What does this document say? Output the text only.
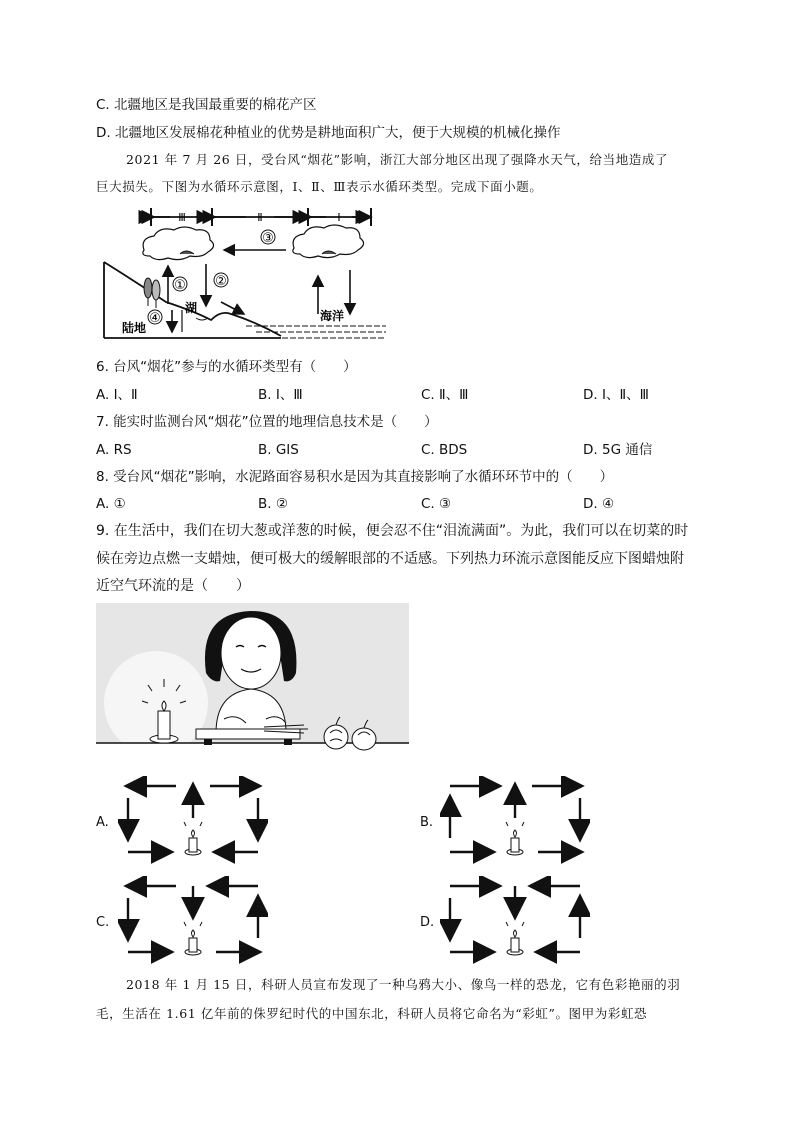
C. 北疆地区是我国最重要的棉花产区
D. 北疆地区发展棉花种植业的优势是耕地面积广大，便于大规模的机械化操作
2021 年 7 月 26 日，受台风“烟花”影响，浙江大部分地区出现了强降水天气，给当地造成了
巨大损失。下图为水循环示意图，Ⅰ、Ⅱ、Ⅲ表示水循环类型。完成下面小题。
Ⅲ	Ⅱ	Ⅰ
③
① ②
湖
④
陆地
海洋
6. 台风“烟花”参与的水循环类型有（　　）
A. Ⅰ、Ⅱ	B. Ⅰ、Ⅲ	C. Ⅱ、Ⅲ	D. Ⅰ、Ⅱ、Ⅲ
7. 能实时监测台风“烟花”位置的地理信息技术是（　　）
A. RS	B. GIS	C. BDS	D. 5G 通信
8. 受台风“烟花”影响，水泥路面容易积水是因为其直接影响了水循环环节中的（　　）
A. ①	B. ②	C. ③	D. ④
9. 在生活中，我们在切大葱或洋葱的时候，便会忍不住“泪流满面”。为此，我们可以在切菜的时
候在旁边点燃一支蜡烛，便可极大的缓解眼部的不适感。下列热力环流示意图能反应下图蜡烛附
近空气环流的是（　　）
A.	B.
C.	D.
2018 年 1 月 15 日，科研人员宣布发现了一种乌鸦大小、像鸟一样的恐龙，它有色彩艳丽的羽
毛，生活在 1.61 亿年前的侏罗纪时代的中国东北，科研人员将它命名为“彩虹”。图甲为彩虹恐
